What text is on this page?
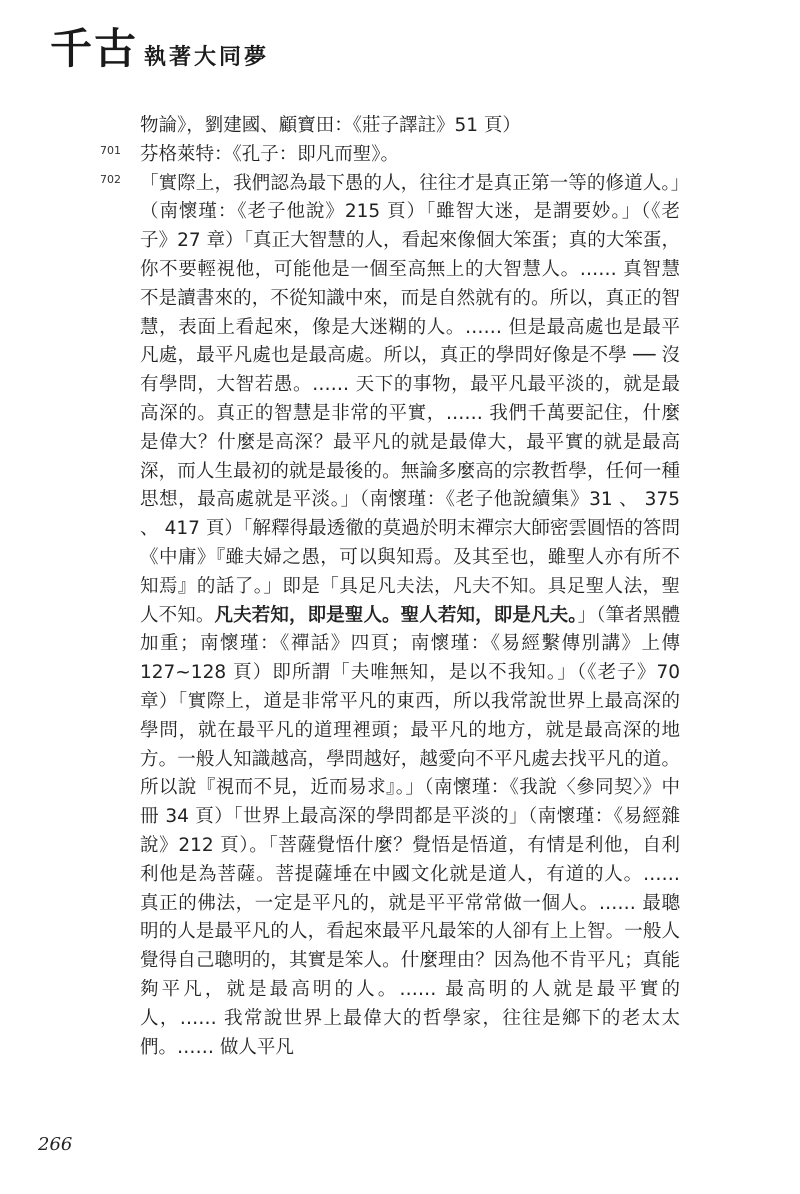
千古 執著大同夢

物論》，劉建國、顧寶田：《莊子譯註》51 頁）

701 芬格萊特：《孔子：即凡而聖》。

702 「實際上，我們認為最下愚的人，往往才是真正第一等的修道人。」（南懷瑾：《老子他說》215 頁）「雖智大迷，是謂要妙。」（《老子》27 章）「真正大智慧的人，看起來像個大笨蛋；真的大笨蛋，你不要輕視他，可能他是一個至高無上的大智慧人。…… 真智慧不是讀書來的，不從知識中來，而是自然就有的。所以，真正的智慧，表面上看起來，像是大迷糊的人。…… 但是最高處也是最平凡處，最平凡處也是最高處。所以，真正的學問好像是不學 ── 沒有學問，大智若愚。…… 天下的事物，最平凡最平淡的，就是最高深的。真正的智慧是非常的平實，…… 我們千萬要記住，什麼是偉大？什麼是高深？最平凡的就是最偉大，最平實的就是最高深，而人生最初的就是最後的。無論多麼高的宗教哲學，任何一種思想，最高處就是平淡。」（南懷瑾：《老子他說續集》31 、 375 、 417 頁）「解釋得最透徹的莫過於明末禪宗大師密雲圓悟的答問《中庸》『雖夫婦之愚，可以與知焉。及其至也，雖聖人亦有所不知焉』的話了。」即是「具足凡夫法，凡夫不知。具足聖人法，聖人不知。凡夫若知，即是聖人。聖人若知，即是凡夫。」（筆者黑體加重；南懷瑾：《禪話》四頁；南懷瑾：《易經繫傳別講》上傳 127~128 頁）即所謂「夫唯無知，是以不我知。」（《老子》70 章）「實際上，道是非常平凡的東西，所以我常說世界上最高深的學問，就在最平凡的道理裡頭；最平凡的地方，就是最高深的地方。一般人知識越高，學問越好，越愛向不平凡處去找平凡的道。所以說『視而不見，近而易求』。」（南懷瑾：《我說〈參同契〉》中冊 34 頁）「世界上最高深的學問都是平淡的」（南懷瑾：《易經雜說》212 頁）。「菩薩覺悟什麼？覺悟是悟道，有情是利他，自利利他是為菩薩。菩提薩埵在中國文化就是道人，有道的人。…… 真正的佛法，一定是平凡的，就是平平常常做一個人。…… 最聰明的人是最平凡的人，看起來最平凡最笨的人卻有上上智。一般人覺得自己聰明的，其實是笨人。什麼理由？因為他不肯平凡；真能夠平凡，就是最高明的人。…… 最高明的人就是最平實的人，…… 我常說世界上最偉大的哲學家，往往是鄉下的老太太們。…… 做人平凡

266
